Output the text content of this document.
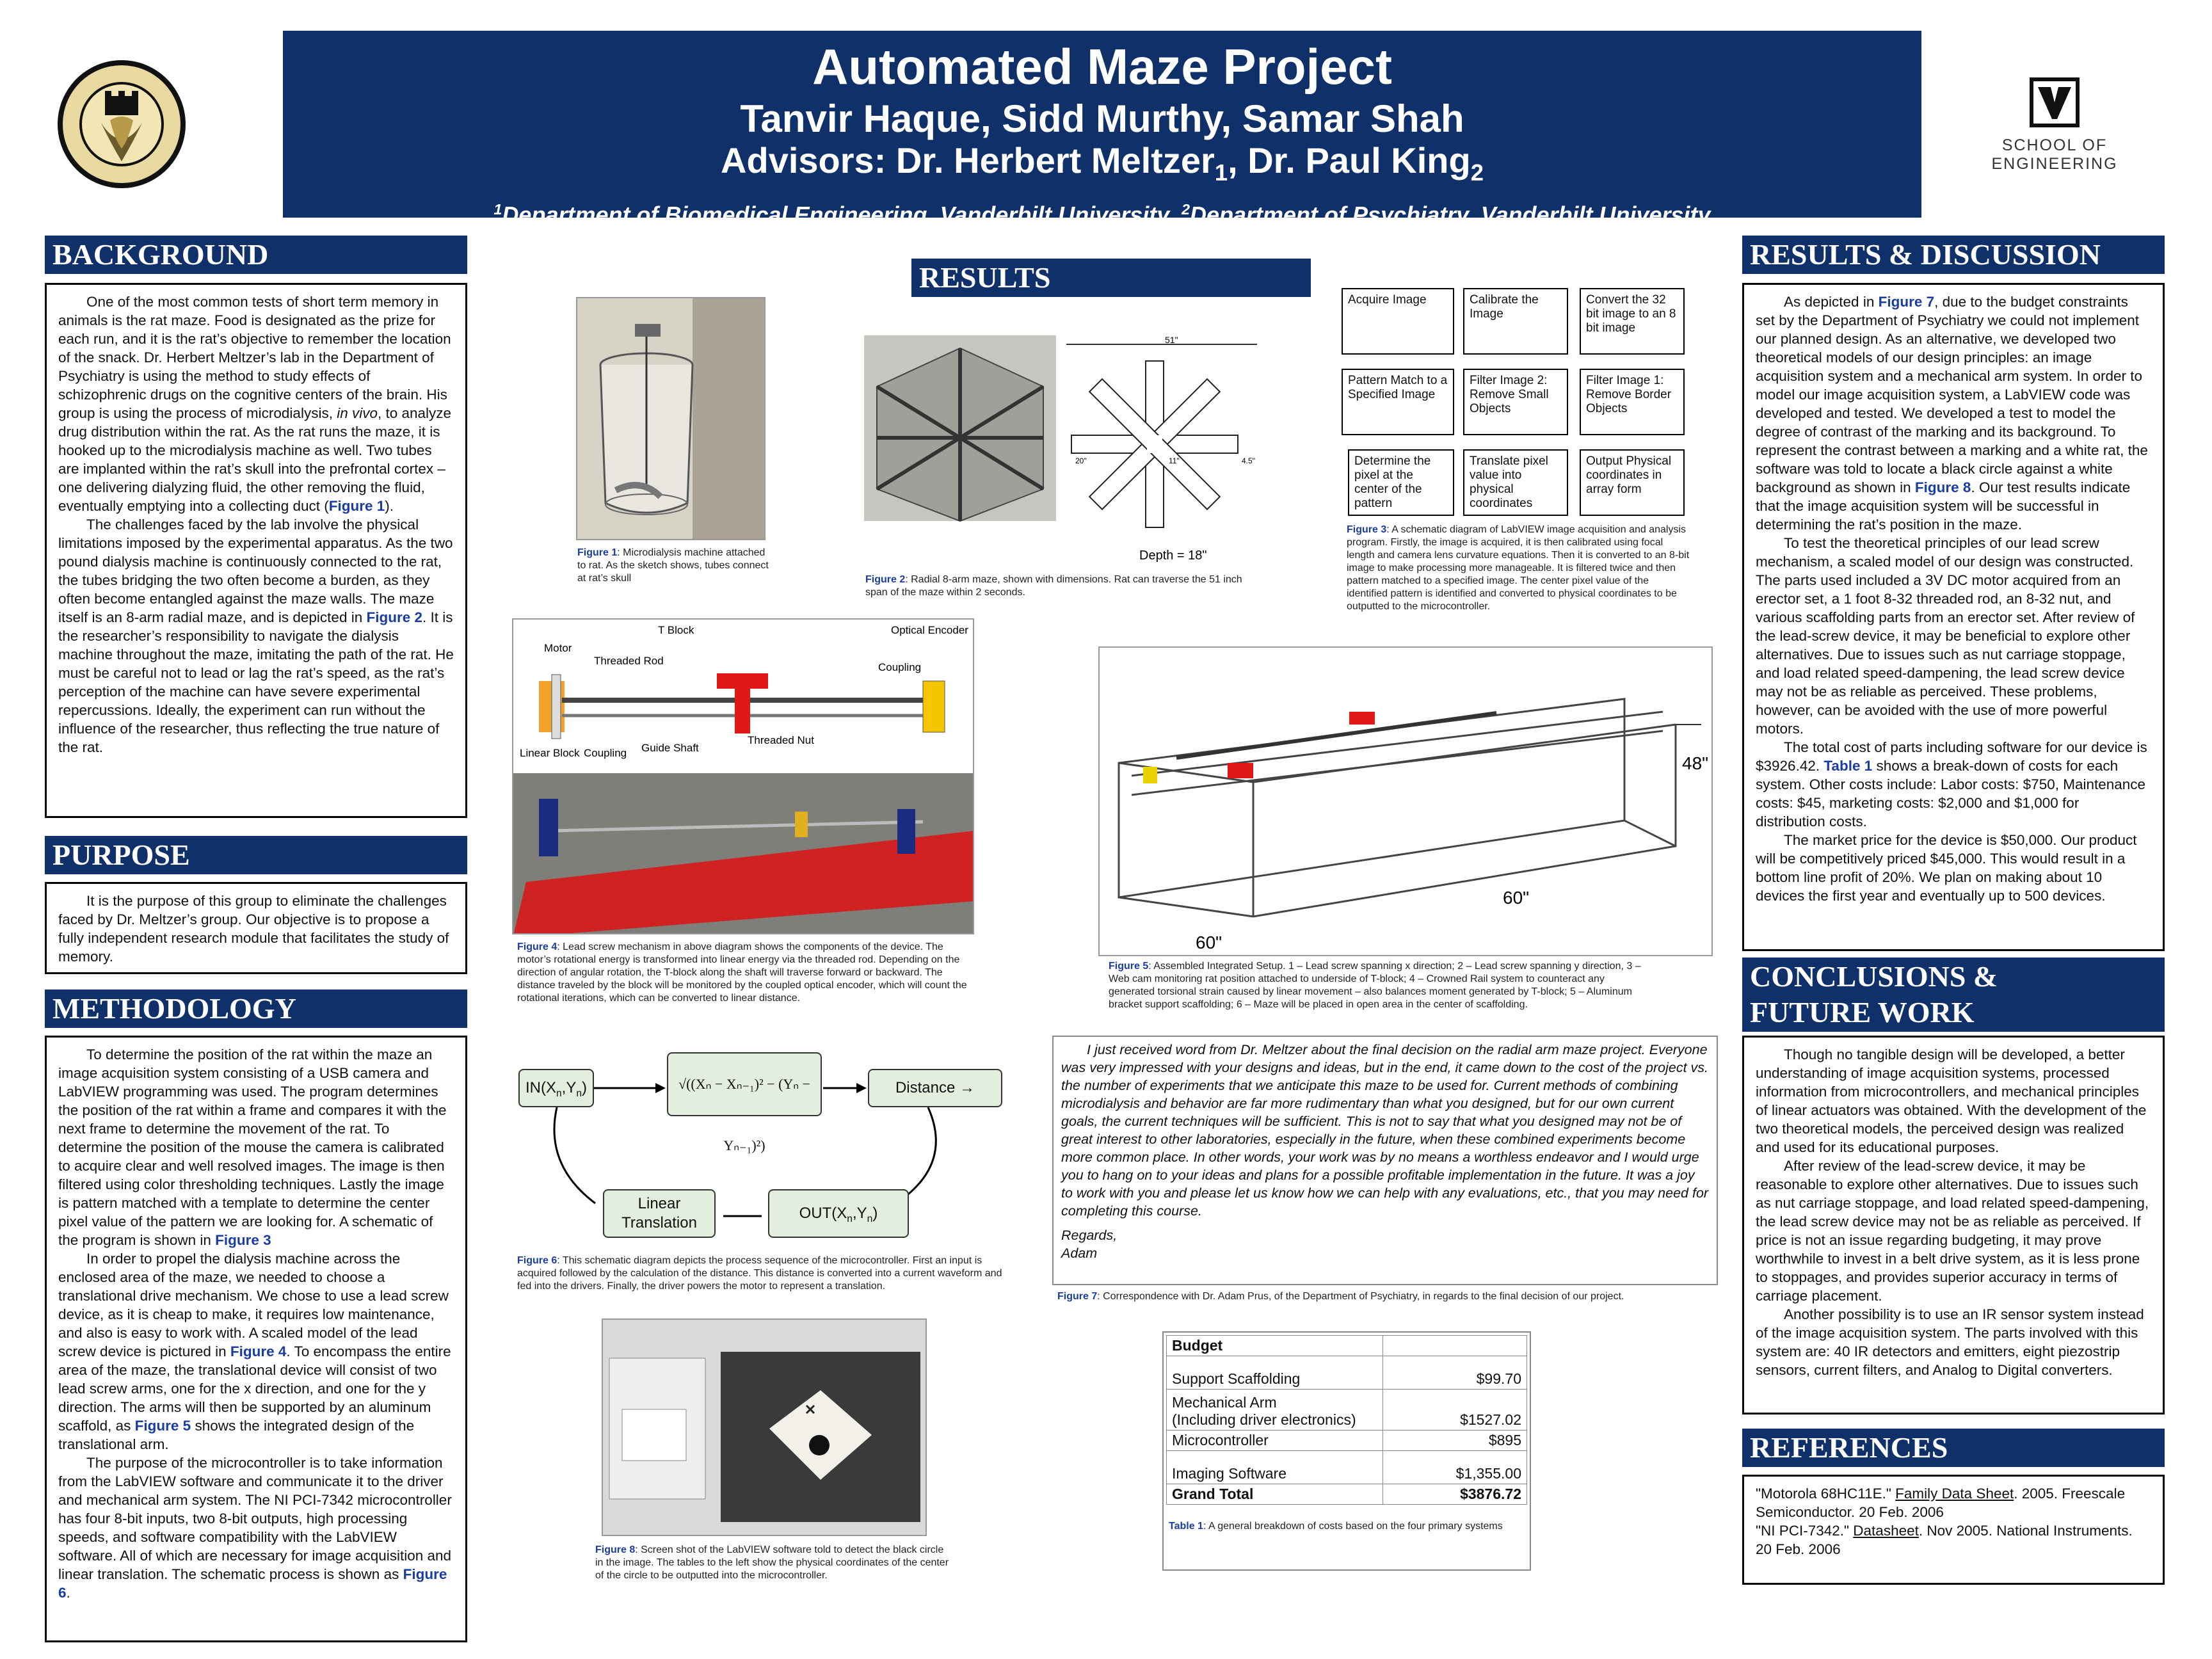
Automated Maze Project
Tanvir Haque, Sidd Murthy, Samar Shah
Advisors: Dr. Herbert Meltzer$_1$, Dr. Paul King$_2$
$^1$Department of Biomedical Engineering, Vanderbilt University, $^2$Department of Psychiatry, Vanderbilt University
SCHOOL OF ENGINEERING
BACKGROUND

One of the most common tests of short term memory in animals is the rat maze. Food is designated as the prize for each run, and it is the rat’s objective to remember the location of the snack. Dr. Herbert Meltzer’s lab in the Department of Psychiatry is using the method to study effects of schizophrenic drugs on the cognitive centers of the brain. His group is using the process of microdialysis, in vivo, to analyze drug distribution within the rat. As the rat runs the maze, it is hooked up to the microdialysis machine as well. Two tubes are implanted within the rat’s skull into the prefrontal cortex – one delivering dialyzing fluid, the other removing the fluid, eventually emptying into a collecting duct (Figure 1).

The challenges faced by the lab involve the physical limitations imposed by the experimental apparatus. As the two pound dialysis machine is continuously connected to the rat, the tubes bridging the two often become a burden, as they often become entangled against the maze walls. The maze itself is an 8-arm radial maze, and is depicted in Figure 2. It is the researcher’s responsibility to navigate the dialysis machine throughout the maze, imitating the path of the rat. He must be careful not to lead or lag the rat’s speed, as the rat’s perception of the machine can have severe experimental repercussions. Ideally, the experiment can run without the influence of the researcher, thus reflecting the true nature of the rat.

PURPOSE

It is the purpose of this group to eliminate the challenges faced by Dr. Meltzer’s group. Our objective is to propose a fully independent research module that facilitates the study of memory.

METHODOLOGY

To determine the position of the rat within the maze an image acquisition system consisting of a USB camera and LabVIEW programming was used. The program determines the position of the rat within a frame and compares it with the next frame to determine the movement of the rat. To determine the position of the mouse the camera is calibrated to acquire clear and well resolved images. The image is then filtered using color thresholding techniques. Lastly the image is pattern matched with a template to determine the center pixel value of the pattern we are looking for. A schematic of the program is shown in Figure 3

In order to propel the dialysis machine across the enclosed area of the maze, we needed to choose a translational drive mechanism. We chose to use a lead screw device, as it is cheap to make, it requires low maintenance, and also is easy to work with. A scaled model of the lead screw device is pictured in Figure 4. To encompass the entire area of the maze, the translational device will consist of two lead screw arms, one for the x direction, and one for the y direction. The arms will then be supported by an aluminum scaffold, as Figure 5 shows the integrated design of the translational arm.

The purpose of the microcontroller is to take information from the LabVIEW software and communicate it to the driver and mechanical arm system. The NI PCI-7342 microcontroller has four 8-bit inputs, two 8-bit outputs, high processing speeds, and software compatibility with the LabVIEW software. All of which are necessary for image acquisition and linear translation. The schematic process is shown as Figure 6.

RESULTS
Figure 1: Microdialysis machine attached to rat. As the sketch shows, tubes connect at rat’s skull
51"
20"	11"	4.5"
Depth = 18"
Figure 2: Radial 8-arm maze, shown with dimensions. Rat can traverse the 51 inch span of the maze within 2 seconds.
Acquire Image	Calibrate the Image
Convert the 32 bit image to an 8 bit image
Pattern Match to a Specified Image
Filter Image 2: Remove Small Objects
Filter Image 1: Remove Border Objects
Determine the pixel at the center of the pattern
Translate pixel value into physical coordinates
Output Physical coordinates in array form
Figure 3: A schematic diagram of LabVIEW image acquisition and analysis program. Firstly, the image is acquired, it is then calibrated using focal length and camera lens curvature equations. Then it is converted to an 8-bit image to make processing more manageable. It is filtered twice and then pattern matched to a specified image. The center pixel value of the identified pattern is identified and converted to physical coordinates to be outputted to the microcontroller.
T Block	Optical Encoder
Motor
Threaded Rod
Coupling
Coupling Guide Shaft
Threaded Nut
Linear Block
Figure 4: Lead screw mechanism in above diagram shows the components of the device. The motor’s rotational energy is transformed into linear energy via the threaded rod. Depending on the direction of angular rotation, the T-block along the shaft will traverse forward or backward. The distance traveled by the block will be monitored by the coupled optical encoder, which will count the rotational iterations, which can be converted to linear distance.
48"
60"
60"
Figure 5: Assembled Integrated Setup. 1 – Lead screw spanning x direction; 2 – Lead screw spanning y direction, 3 – Web cam monitoring rat position attached to underside of T-block; 4 – Crowned Rail system to counteract any generated torsional strain caused by linear movement – also balances moment generated by T-block; 5 – Aluminum bracket support scaffolding; 6 – Maze will be placed in open area in the center of scaffolding.
$IN(X_n,Y_n)$	√((Xₙ − Xₙ₋₁)² − (Yₙ − Yₙ₋₁)²)
Distance →
Linear Translation
$OUT(X_n,Y_n)$
Figure 6: This schematic diagram depicts the process sequence of the microcontroller. First an input is acquired followed by the calculation of the distance. This distance is converted into a current waveform and fed into the drivers. Finally, the driver powers the motor to represent a translation.

I just received word from Dr. Meltzer about the final decision on the radial arm maze project. Everyone was very impressed with your designs and ideas, but in the end, it came down to the cost of the project vs. the number of experiments that we anticipate this maze to be used for. Current methods of combining microdialysis and behavior are far more rudimentary than what you designed, but for our own current goals, the current techniques will be sufficient. This is not to say that what you designed may not be of great interest to other laboratories, especially in the future, when these combined experiments become more common place. In other words, your work was by no means a worthless endeavor and I would urge you to hang on to your ideas and plans for a possible profitable implementation in the future. It was a joy to work with you and please let us know how we can help with any evaluations, etc., that you may need for completing this course.

Regards,

Adam

Figure 7: Correspondence with Dr. Adam Prus, of the Department of Psychiatry, in regards to the final decision of our project.
Figure 8: Screen shot of the LabVIEW software told to detect the black circle in the image. The tables to the left show the physical coordinates of the center of the circle to be outputted into the microcontroller.
Budget	
Support Scaffolding	$99.70

Mechanical Arm
(Including driver electronics)	$1527.02
Microcontroller	$895
Imaging Software	$1,355.00
Grand Total	$3876.72
Table 1: A general breakdown of costs based on the four primary systems
RESULTS & DISCUSSION

As depicted in Figure 7, due to the budget constraints set by the Department of Psychiatry we could not implement our planned design. As an alternative, we developed two theoretical models of our design principles: an image acquisition system and a mechanical arm system. In order to model our image acquisition system, a LabVIEW code was developed and tested. We developed a test to model the degree of contrast of the marking and its background. To represent the contrast between a marking and a white rat, the software was told to locate a black circle against a white background as shown in Figure 8. Our test results indicate that the image acquisition system will be successful in determining the rat’s position in the maze.

To test the theoretical principles of our lead screw mechanism, a scaled model of our design was constructed. The parts used included a 3V DC motor acquired from an erector set, a 1 foot 8-32 threaded rod, an 8-32 nut, and various scaffolding parts from an erector set. After review of the lead-screw device, it may be beneficial to explore other alternatives. Due to issues such as nut carriage stoppage, and load related speed-dampening, the lead screw device may not be as reliable as perceived. These problems, however, can be avoided with the use of more powerful motors.

The total cost of parts including software for our device is $3926.42. Table 1 shows a break-down of costs for each system. Other costs include: Labor costs: $750, Maintenance costs: $45, marketing costs: $2,000 and $1,000 for distribution costs.

The market price for the device is $50,000. Our product will be competitively priced $45,000. This would result in a bottom line profit of 20%. We plan on making about 10 devices the first year and eventually up to 500 devices.

CONCLUSIONS &
FUTURE WORK

Though no tangible design will be developed, a better understanding of image acquisition systems, processed information from microcontrollers, and mechanical principles of linear actuators was obtained. With the development of the two theoretical models, the perceived design was realized and used for its educational purposes.

After review of the lead-screw device, it may be reasonable to explore other alternatives. Due to issues such as nut carriage stoppage, and load related speed-dampening, the lead screw device may not be as reliable as perceived. If price is not an issue regarding budgeting, it may prove worthwhile to invest in a belt drive system, as it is less prone to stoppages, and provides superior accuracy in terms of carriage placement.

Another possibility is to use an IR sensor system instead of the image acquisition system. The parts involved with this system are: 40 IR detectors and emitters, eight piezostrip sensors, current filters, and Analog to Digital converters.

REFERENCES
"Motorola 68HC11E." Family Data Sheet. 2005. Freescale Semiconductor. 20 Feb. 2006
"NI PCI-7342." Datasheet. Nov 2005. National Instruments. 20 Feb. 2006
